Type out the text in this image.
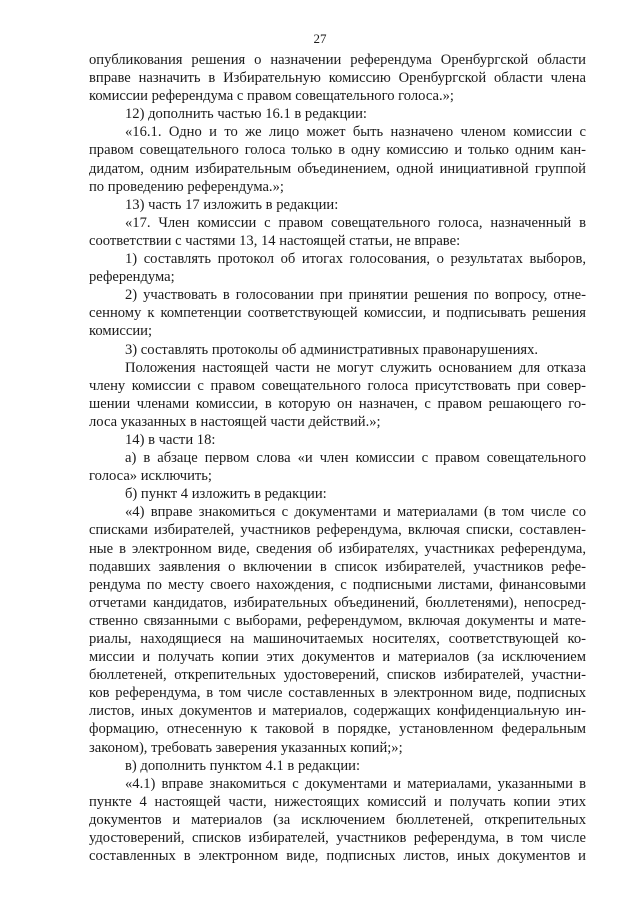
27
опубликования решения о назначении референдума Оренбургской области
вправе назначить в Избирательную комиссию Оренбургской области члена
комиссии референдума с правом совещательного голоса.»;
12) дополнить частью 16.1 в редакции:
«16.1. Одно и то же лицо может быть назначено членом комиссии с
правом совещательного голоса только в одну комиссию и только одним кан-
дидатом, одним избирательным объединением, одной инициативной группой
по проведению референдума.»;
13) часть 17 изложить в редакции:
«17. Член комиссии с правом совещательного голоса, назначенный в
соответствии с частями 13, 14 настоящей статьи, не вправе:
1) составлять протокол об итогах голосования, о результатах выборов,
референдума;
2) участвовать в голосовании при принятии решения по вопросу, отне-
сенному к компетенции соответствующей комиссии, и подписывать решения
комиссии;
3) составлять протоколы об административных правонарушениях.
Положения настоящей части не могут служить основанием для отказа
члену комиссии с правом совещательного голоса присутствовать при совер-
шении членами комиссии, в которую он назначен, с правом решающего го-
лоса указанных в настоящей части действий.»;
14) в части 18:
а) в абзаце первом слова «и член комиссии с правом совещательного
голоса» исключить;
б) пункт 4 изложить в редакции:
«4) вправе знакомиться с документами и материалами (в том числе со
списками избирателей, участников референдума, включая списки, составлен-
ные в электронном виде, сведения об избирателях, участниках референдума,
подавших заявления о включении в список избирателей, участников рефе-
рендума по месту своего нахождения, с подписными листами, финансовыми
отчетами кандидатов, избирательных объединений, бюллетенями), непосред-
ственно связанными с выборами, референдумом, включая документы и мате-
риалы, находящиеся на машиночитаемых носителях, соответствующей ко-
миссии и получать копии этих документов и материалов (за исключением
бюллетеней, открепительных удостоверений, списков избирателей, участни-
ков референдума, в том числе составленных в электронном виде, подписных
листов, иных документов и материалов, содержащих конфиденциальную ин-
формацию, отнесенную к таковой в порядке, установленном федеральным
законом), требовать заверения указанных копий;»;
в) дополнить пунктом 4.1 в редакции:
«4.1) вправе знакомиться с документами и материалами, указанными в
пункте 4 настоящей части, нижестоящих комиссий и получать копии этих
документов и материалов (за исключением бюллетеней, открепительных
удостоверений, списков избирателей, участников референдума, в том числе
составленных в электронном виде, подписных листов, иных документов и
